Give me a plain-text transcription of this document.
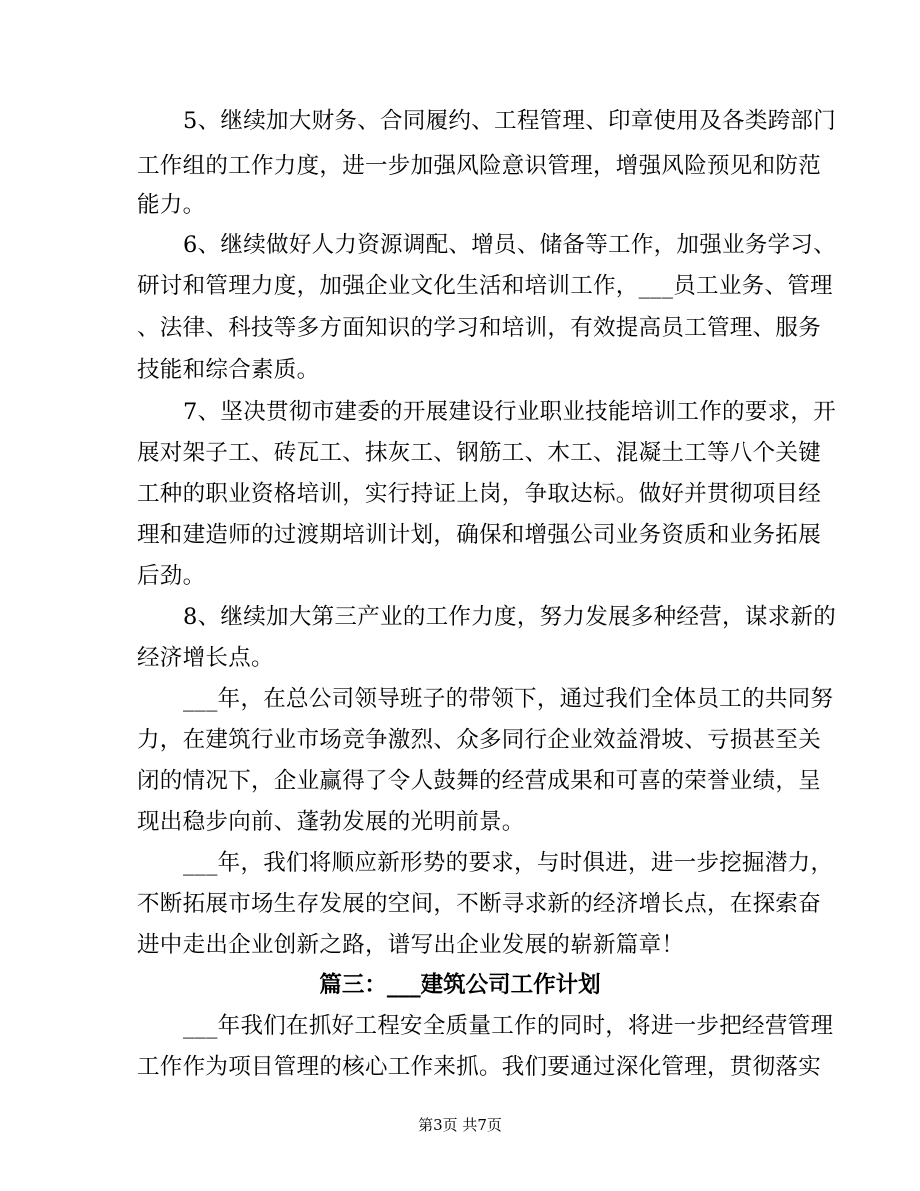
5、继续加大财务、合同履约、工程管理、印章使用及各类跨部门
工作组的工作力度，进一步加强风险意识管理，增强风险预见和防范
能力。
6、继续做好人力资源调配、增员、储备等工作，加强业务学习、
研讨和管理力度，加强企业文化生活和培训工作，___员工业务、管理
、法律、科技等多方面知识的学习和培训，有效提高员工管理、服务
技能和综合素质。
7、坚决贯彻市建委的开展建设行业职业技能培训工作的要求，开
展对架子工、砖瓦工、抹灰工、钢筋工、木工、混凝土工等八个关键
工种的职业资格培训，实行持证上岗，争取达标。做好并贯彻项目经
理和建造师的过渡期培训计划，确保和增强公司业务资质和业务拓展
后劲。
8、继续加大第三产业的工作力度，努力发展多种经营，谋求新的
经济增长点。
___年，在总公司领导班子的带领下，通过我们全体员工的共同努
力，在建筑行业市场竞争激烈、众多同行企业效益滑坡、亏损甚至关
闭的情况下，企业赢得了令人鼓舞的经营成果和可喜的荣誉业绩，呈
现出稳步向前、蓬勃发展的光明前景。
___年，我们将顺应新形势的要求，与时俱进，进一步挖掘潜力，
不断拓展市场生存发展的空间，不断寻求新的经济增长点，在探索奋
进中走出企业创新之路，谱写出企业发展的崭新篇章！
篇三：___建筑公司工作计划
___年我们在抓好工程安全质量工作的同时，将进一步把经营管理
工作作为项目管理的核心工作来抓。我们要通过深化管理，贯彻落实
第3页 共7页
